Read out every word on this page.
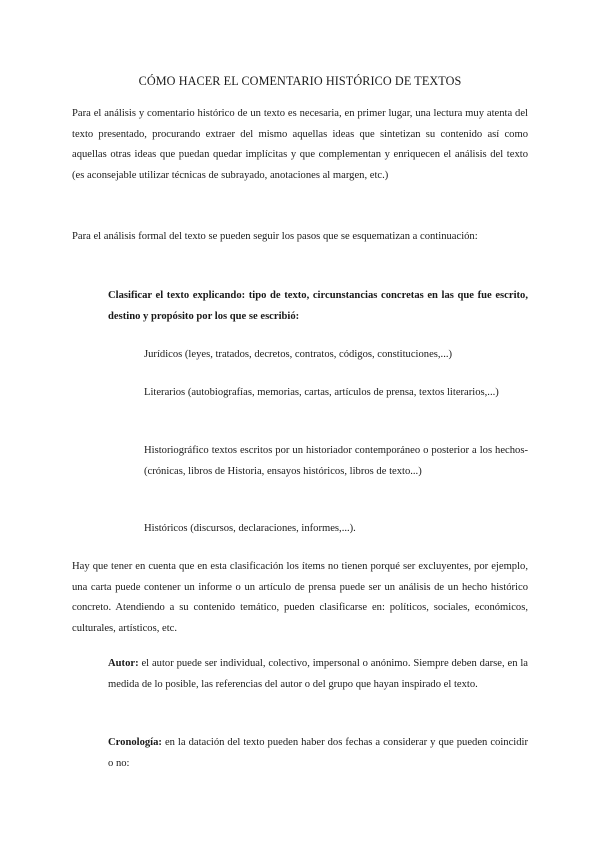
CÓMO HACER EL COMENTARIO HISTÓRICO DE TEXTOS
Para el análisis y comentario histórico de un texto es necesaria, en primer lugar, una lectura muy atenta del texto presentado, procurando extraer del mismo aquellas ideas que sintetizan su contenido así como aquellas otras ideas que puedan quedar implícitas y que complementan y enriquecen el análisis del texto (es aconsejable utilizar técnicas de subrayado, anotaciones al margen, etc.)
Para el análisis formal del texto se pueden seguir los pasos que se esquematizan a continuación:
Clasificar el texto explicando: tipo de texto, circunstancias concretas en las que fue escrito, destino y propósito por los que se escribió:
Jurídicos (leyes, tratados, decretos, contratos, códigos, constituciones,...)
Literarios (autobiografías, memorias, cartas, artículos de prensa, textos literarios,...)
Historiográfico textos escritos por un historiador contemporáneo o posterior a los hechos- (crónicas, libros de Historia, ensayos históricos, libros de texto...)
Históricos (discursos, declaraciones, informes,...).
Hay que tener en cuenta que en esta clasificación los ítems no tienen porqué ser excluyentes, por ejemplo, una carta puede contener un informe o un artículo de prensa puede ser un análisis de un hecho histórico concreto. Atendiendo a su contenido temático, pueden clasificarse en: políticos, sociales, económicos, culturales, artísticos, etc.
Autor: el autor puede ser individual, colectivo, impersonal o anónimo. Siempre deben darse, en la medida de lo posible, las referencias del autor o del grupo que hayan inspirado el texto.
Cronología: en la datación del texto pueden haber dos fechas a considerar y que pueden coincidir o no:
